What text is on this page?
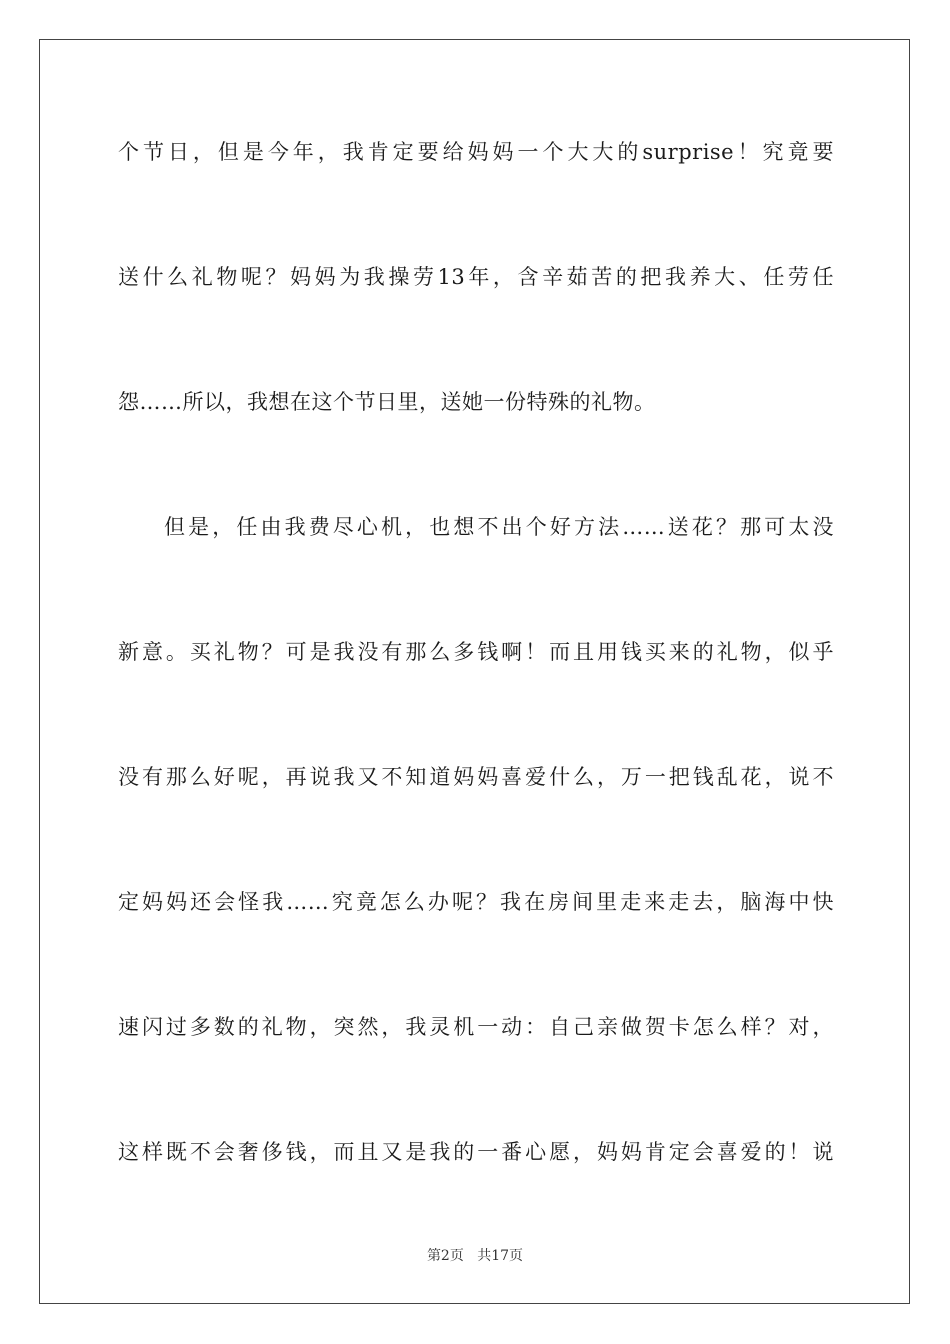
个节日，但是今年，我肯定要给妈妈一个大大的surprise！究竟要
送什么礼物呢？妈妈为我操劳13年，含辛茹苦的把我养大、任劳任
怨……所以，我想在这个节日里，送她一份特殊的礼物。
但是，任由我费尽心机，也想不出个好方法……送花？那可太没
新意。买礼物？可是我没有那么多钱啊！而且用钱买来的礼物，似乎
没有那么好呢，再说我又不知道妈妈喜爱什么，万一把钱乱花，说不
定妈妈还会怪我……究竟怎么办呢？我在房间里走来走去，脑海中快
速闪过多数的礼物，突然，我灵机一动：自己亲做贺卡怎么样？对，
这样既不会奢侈钱，而且又是我的一番心愿，妈妈肯定会喜爱的！说
第2页 共17页
